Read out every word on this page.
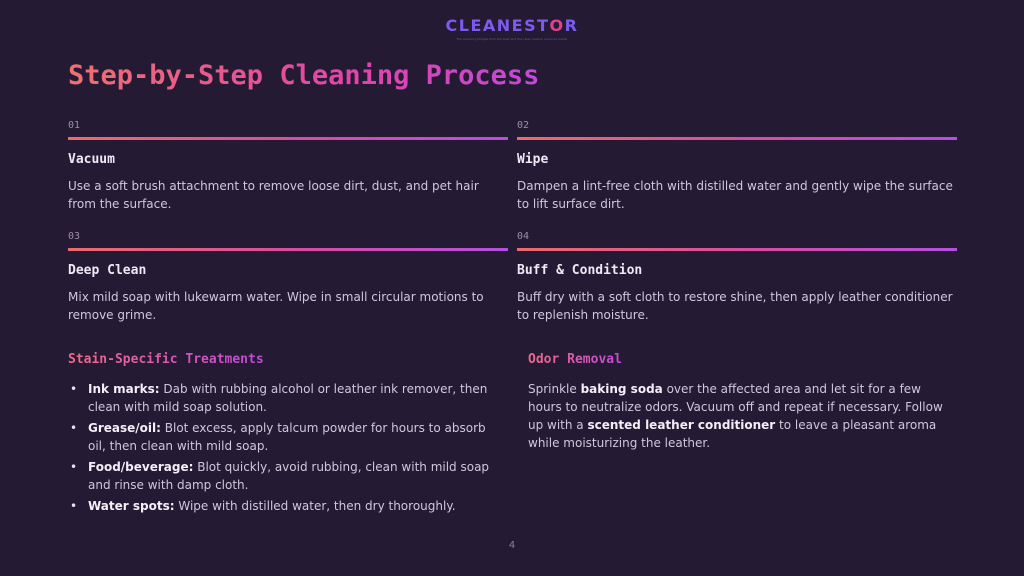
CLEANESTOR
The Cleaning Shoppe from the best and the clean Ireland, Ireland's leader
Step-by-Step Cleaning Process
01
Vacuum
Use a soft brush attachment to remove loose dirt, dust, and pet hair from the surface.
02
Wipe
Dampen a lint-free cloth with distilled water and gently wipe the surface to lift surface dirt.
03
Deep Clean
Mix mild soap with lukewarm water. Wipe in small circular motions to remove grime.
04
Buff & Condition
Buff dry with a soft cloth to restore shine, then apply leather conditioner to replenish moisture.
Stain-Specific Treatments
• Ink marks: Dab with rubbing alcohol or leather ink remover, then clean with mild soap solution.
• Grease/oil: Blot excess, apply talcum powder for hours to absorb oil, then clean with mild soap.
• Food/beverage: Blot quickly, avoid rubbing, clean with mild soap and rinse with damp cloth.
• Water spots: Wipe with distilled water, then dry thoroughly.
Odor Removal
Sprinkle baking soda over the affected area and let sit for a few hours to neutralize odors. Vacuum off and repeat if necessary. Follow up with a scented leather conditioner to leave a pleasant aroma while moisturizing the leather.
4
